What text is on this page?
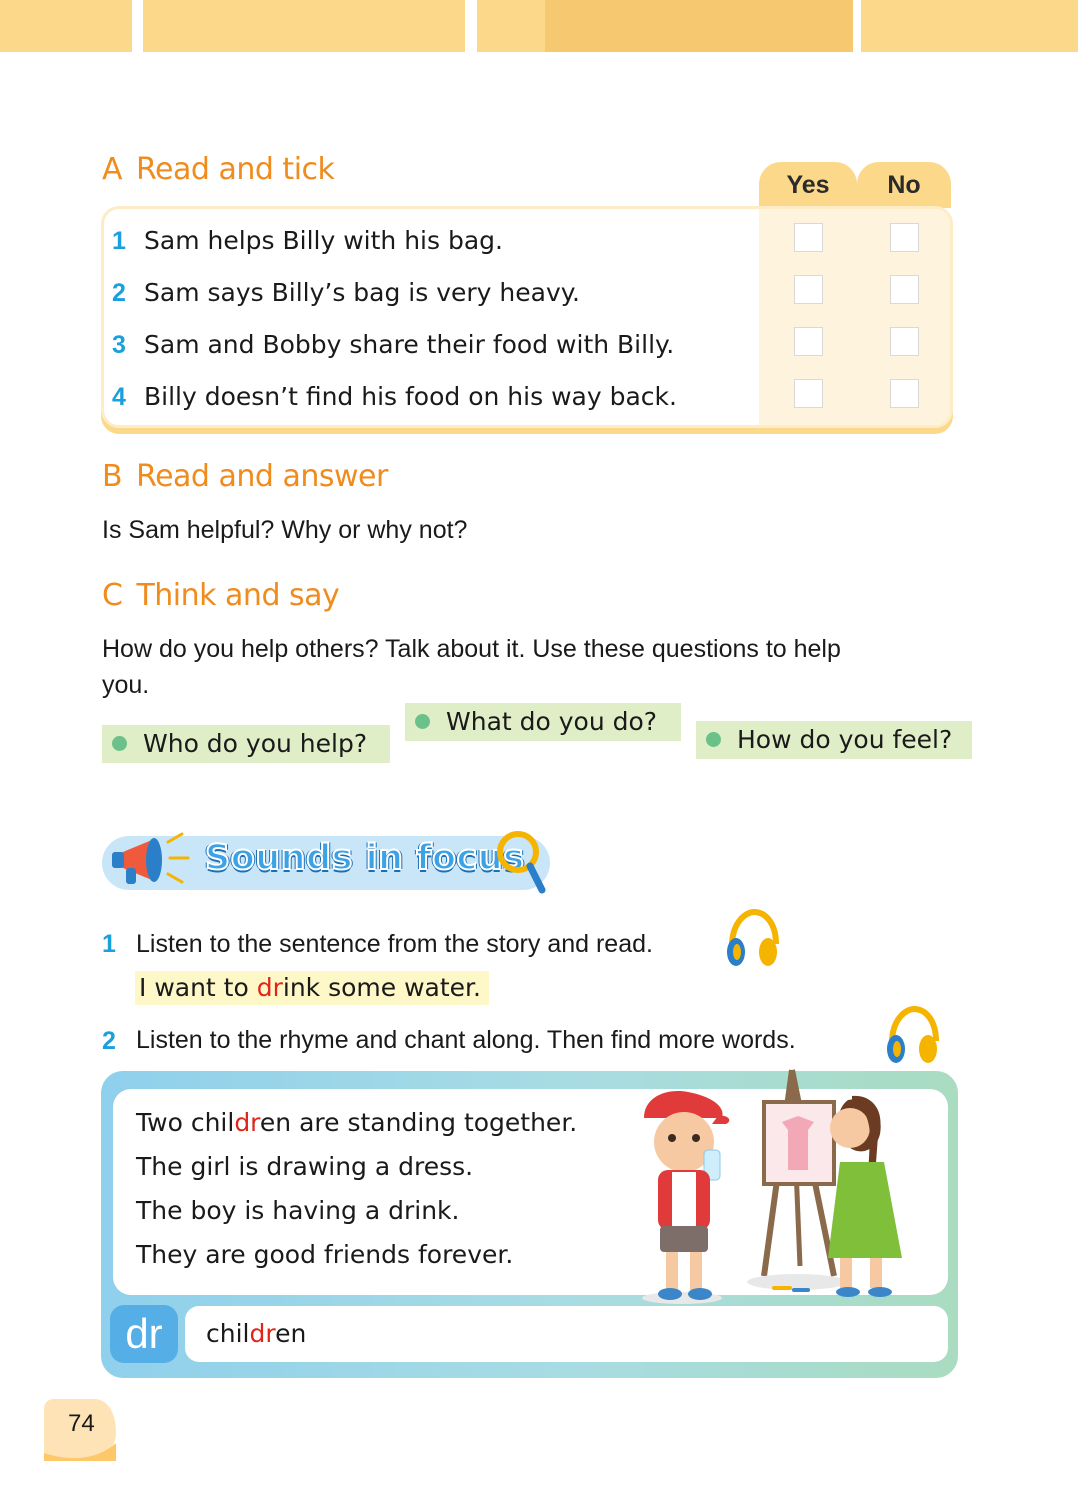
A Read and tick	Yes	No
1 Sam helps Billy with his bag.
2 Sam says Billy’s bag is very heavy.
3 Sam and Bobby share their food with Billy.
4 Billy doesn’t find his food on his way back.
B Read and answer
Is Sam helpful? Why or why not?
C Think and say
How do you help others? Talk about it. Use these questions to help
you.
Who do you help?
What do you do?
How do you feel?
Sounds in focus
1 Listen to the sentence from the story and read.
I want to drink some water.
2 Listen to the rhyme and chant along. Then find more words.
Two children are standing together.
The girl is drawing a dress.
The boy is having a drink.
They are good friends forever.
dr	children
74
